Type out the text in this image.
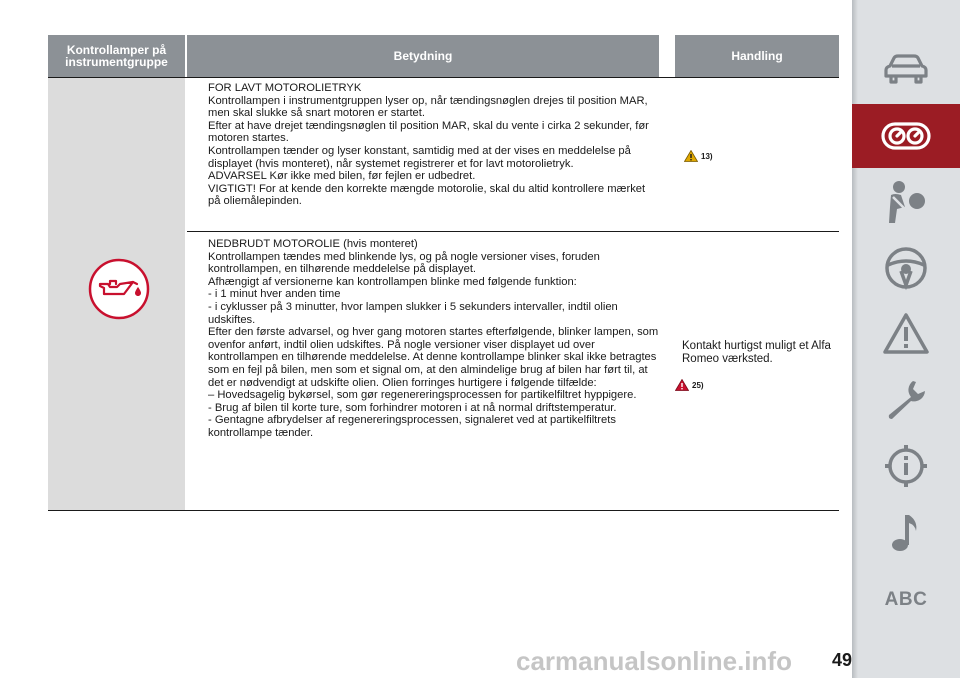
Kontrollamper på instrumentgruppe	Betydning	Handling

FOR LAVT MOTOROLIETRYK

Kontrollampen i instrumentgruppen lyser op, når tændingsnøglen drejes til position MAR, men skal slukke så snart motoren er startet.

Efter at have drejet tændingsnøglen til position MAR, skal du vente i cirka 2 sekunder, før motoren startes.

Kontrollampen tænder og lyser konstant, samtidig med at der vises en meddelelse på displayet (hvis monteret), når systemet registrerer et for lavt motorolietryk.

ADVARSEL Kør ikke med bilen, før fejlen er udbedret.

VIGTIGT! For at kende den korrekte mængde motorolie, skal du altid kontrollere mærket på oliemålepinden.

13)

NEDBRUDT MOTOROLIE (hvis monteret)

Kontrollampen tændes med blinkende lys, og på nogle versioner vises, foruden kontrollampen, en tilhørende meddelelse på displayet.

Afhængigt af versionerne kan kontrollampen blinke med følgende funktion:

- i 1 minut hver anden time

- i cyklusser på 3 minutter, hvor lampen slukker i 5 sekunders intervaller, indtil olien udskiftes.

Efter den første advarsel, og hver gang motoren startes efterfølgende, blinker lampen, som ovenfor anført, indtil olien udskiftes. På nogle versioner viser displayet ud over kontrollampen en tilhørende meddelelse. At denne kontrollampe blinker skal ikke betragtes som en fejl på bilen, men som et signal om, at den almindelige brug af bilen har ført til, at det er nødvendigt at udskifte olien. Olien forringes hurtigere i følgende tilfælde:

– Hovedsagelig bykørsel, som gør regenereringsprocessen for partikelfiltret hyppigere.

- Brug af bilen til korte ture, som forhindrer motoren i at nå normal driftstemperatur.

- Gentagne afbrydelser af regenereringsprocessen, signaleret ved at partikelfiltrets kontrollampe tænder.

Kontakt hurtigst muligt et Alfa Romeo værksted.
25)
ABC
49
carmanualsonline.info
